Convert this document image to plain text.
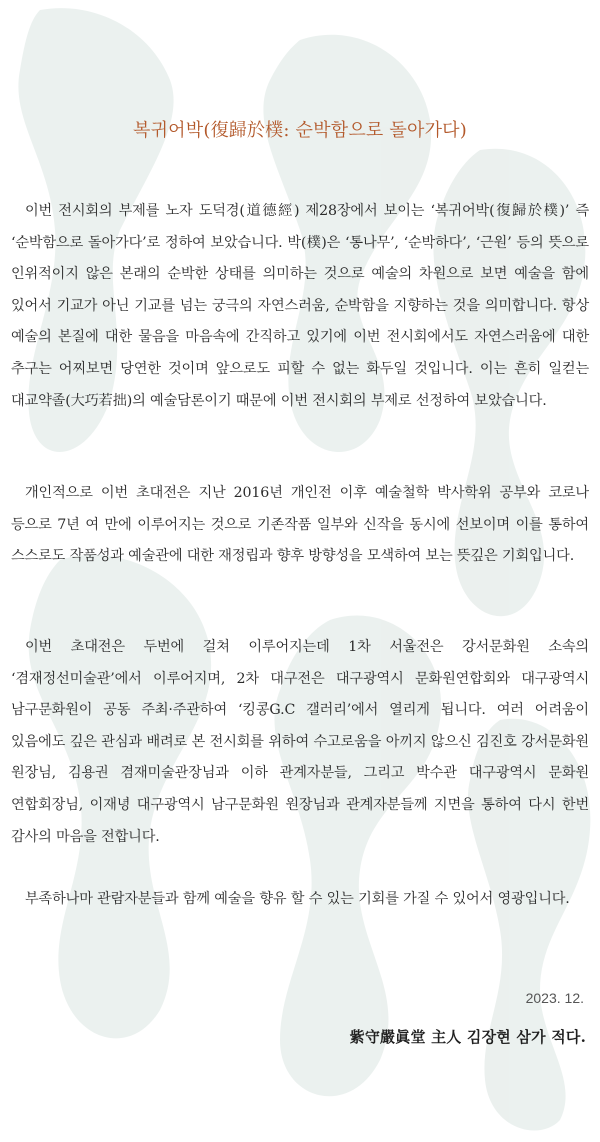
복귀어박(復歸於樸: 순박함으로 돌아가다)

이번 전시회의 부제를 노자 도덕경(道德經) 제28장에서 보이는 ‘복귀어박(復歸於樸)’ 즉 ‘순박함으로 돌아가다’로 정하여 보았습니다. 박(樸)은 ‘통나무’, ‘순박하다’, ‘근원’ 등의 뜻으로 인위적이지 않은 본래의 순박한 상태를 의미하는 것으로 예술의 차원으로 보면 예술을 함에 있어서 기교가 아닌 기교를 넘는 궁극의 자연스러움, 순박함을 지향하는 것을 의미합니다. 항상 예술의 본질에 대한 물음을 마음속에 간직하고 있기에 이번 전시회에서도 자연스러움에 대한 추구는 어찌보면 당연한 것이며 앞으로도 피할 수 없는 화두일 것입니다. 이는 흔히 일컫는 대교약졸(大巧若拙)의 예술담론이기 때문에 이번 전시회의 부제로 선정하여 보았습니다.

개인적으로 이번 초대전은 지난 2016년 개인전 이후 예술철학 박사학위 공부와 코로나 등으로 7년 여 만에 이루어지는 것으로 기존작품 일부와 신작을 동시에 선보이며 이를 통하여 스스로도 작품성과 예술관에 대한 재정립과 향후 방향성을 모색하여 보는 뜻깊은 기회입니다.

이번 초대전은 두번에 걸쳐 이루어지는데 1차 서울전은 강서문화원 소속의 ‘겸재정선미술관’에서 이루어지며, 2차 대구전은 대구광역시 문화원연합회와 대구광역시 남구문화원이 공동 주최·주관하여 ‘킹콩G.C 갤러리’에서 열리게 됩니다. 여러 어려움이 있음에도 깊은 관심과 배려로 본 전시회를 위하여 수고로움을 아끼지 않으신 김진호 강서문화원 원장님, 김용권 겸재미술관장님과 이하 관계자분들, 그리고 박수관 대구광역시 문화원 연합회장님, 이재녕 대구광역시 남구문화원 원장님과 관계자분들께 지면을 통하여 다시 한번 감사의 마음을 전합니다.

부족하나마 관람자분들과 함께 예술을 향유 할 수 있는 기회를 가질 수 있어서 영광입니다.

2023. 12.

紫守嚴眞堂 主人 김장현 삼가 적다.
